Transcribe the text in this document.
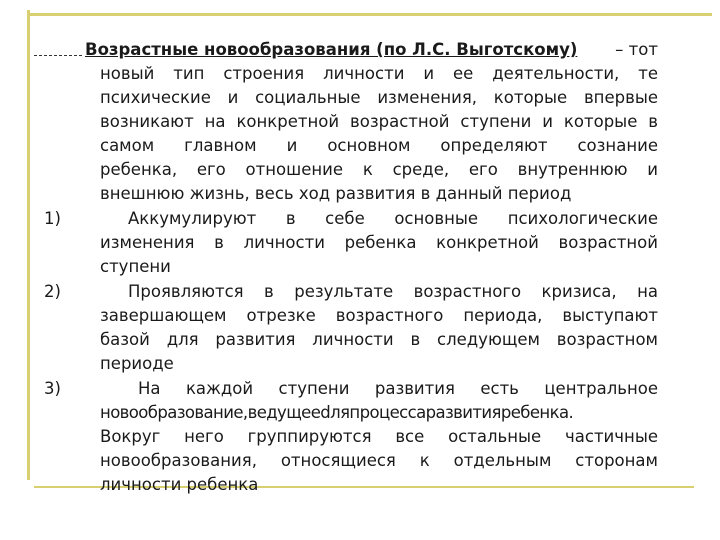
Возрастные новообразования (по Л.С. Выготскому)	– тот
новый тип строения личности и ее деятельности, те
психические и социальные изменения, которые впервые
возникают на конкретной возрастной ступени и которые в
самом главном и основном определяют сознание
ребенка, его отношение к среде, его внутреннюю и
внешнюю жизнь, весь ход развития в данный период
1)	Аккумулируют в себе основные психологические
изменения в личности ребенка конкретной возрастной
ступени
2)	Проявляются в результате возрастного кризиса, на
завершающем отрезке возрастного периода, выступают
базой для развития личности в следующем возрастном
периоде
3)	На каждой ступени развития есть центральное
новообразование,ведущееdляпроцессаразвитияребенка.
Вокруг него группируются все остальные частичные
новообразования, относящиеся к отдельным сторонам
личности ребенка
